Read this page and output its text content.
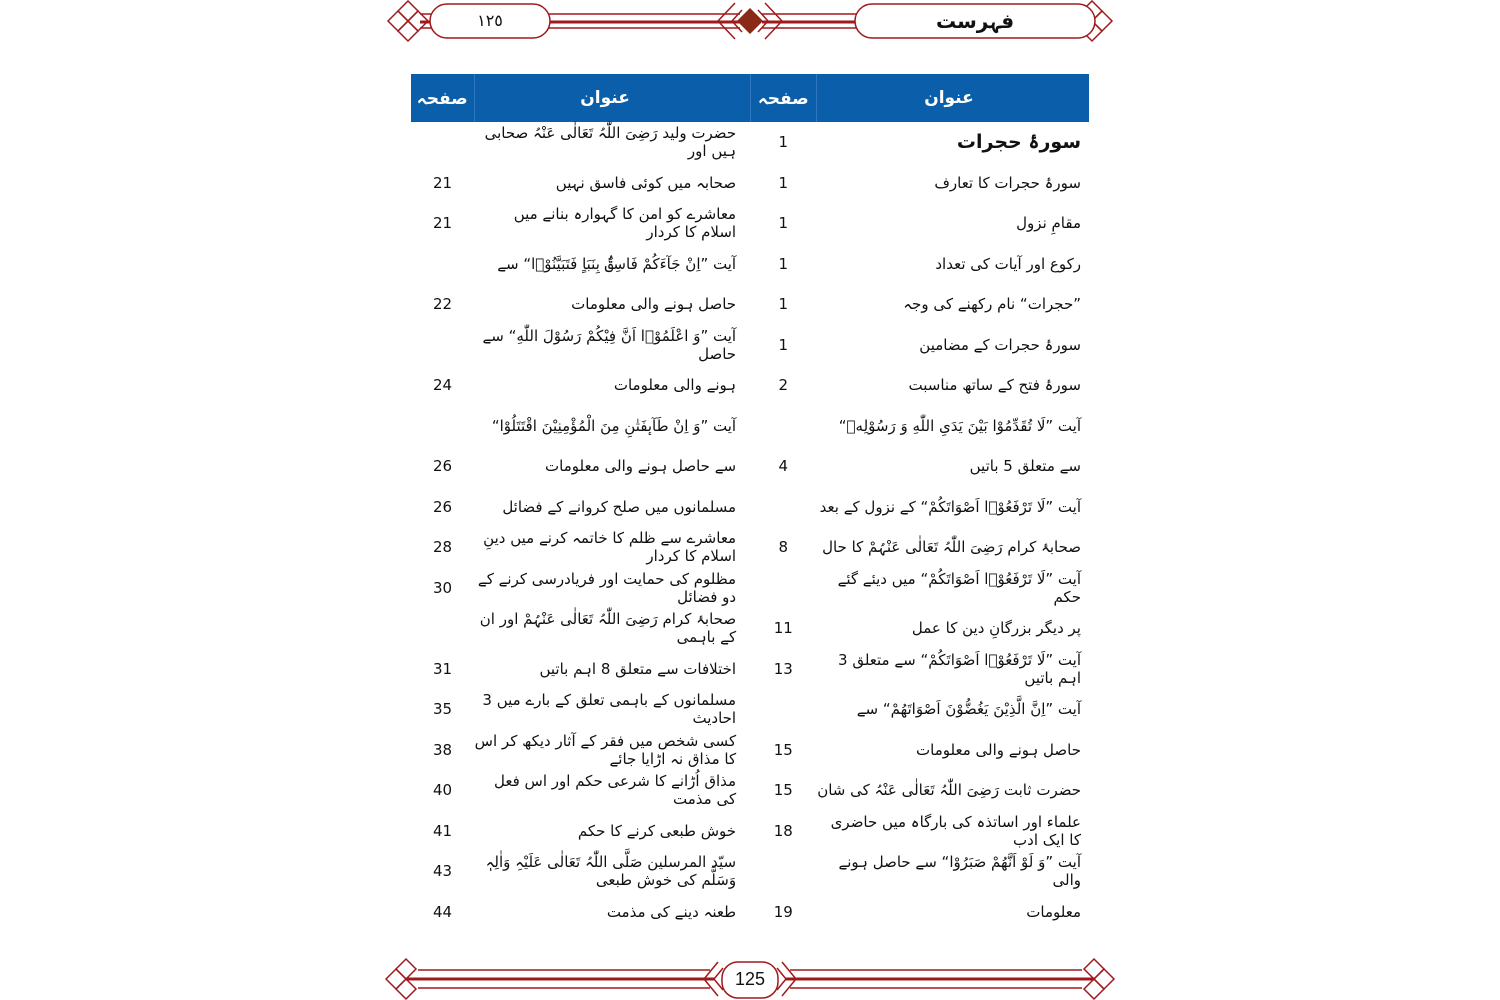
فہرست
١٢٥
عنوان	صفحہ	عنوان	صفحہ
سورۂ حجرات	1	حضرت ولید رَضِیَ اللّٰہُ تَعَالٰی عَنْہُ صحابی ہیں اور	
سورۂ حجرات کا تعارف	1	صحابہ میں کوئی فاسق نہیں	21
مقامِ نزول	1	معاشرے کو امن کا گہوارہ بنانے میں اسلام کا کردار	21
رکوع اور آیات کی تعداد	1	آیت ”اِنْ جَآءَكُمْ فَاسِقٌۢ بِنَبَاٍ فَتَبَیَّنُوْۤا“ سے	
”حجرات“ نام رکھنے کی وجہ	1	حاصل ہونے والی معلومات	22
سورۂ حجرات کے مضامین	1	آیت ”وَ اعْلَمُوْۤا اَنَّ فِیْكُمْ رَسُوْلَ اللّٰهِ“ سے حاصل	
سورۂ فتح کے ساتھ مناسبت	2	ہونے والی معلومات	24
آیت ”لَا تُقَدِّمُوْا بَیْنَ یَدَیِ اللّٰهِ وَ رَسُوْلِهٖ“		آیت ”وَ اِنْ طَآىٕفَتٰنِ مِنَ الْمُؤْمِنِیْنَ اقْتَتَلُوْا“	
سے متعلق 5 باتیں	4	سے حاصل ہونے والی معلومات	26
آیت ”لَا تَرْفَعُوْۤا اَصْوَاتَكُمْ“ کے نزول کے بعد		مسلمانوں میں صلح کروانے کے فضائل	26
صحابۂ کرام رَضِیَ اللّٰہُ تَعَالٰی عَنْہُمْ کا حال	8	معاشرے سے ظلم کا خاتمہ کرنے میں دینِ اسلام کا کردار	28
آیت ”لَا تَرْفَعُوْۤا اَصْوَاتَكُمْ“ میں دیئے گئے حکم		مظلوم کی حمایت اور فریادرسی کرنے کے دو فضائل	30
پر دیگر بزرگانِ دین کا عمل	11	صحابۂ کرام رَضِیَ اللّٰہُ تَعَالٰی عَنْہُمْ اور ان کے باہمی	
آیت ”لَا تَرْفَعُوْۤا اَصْوَاتَكُمْ“ سے متعلق 3 اہم باتیں	13	اختلافات سے متعلق 8 اہم باتیں	31
آیت ”اِنَّ الَّذِیْنَ یَغُضُّوْنَ اَصْوَاتَهُمْ“ سے		مسلمانوں کے باہمی تعلق کے بارے میں 3 احادیث	35
حاصل ہونے والی معلومات	15	کسی شخص میں فقر کے آثار دیکھ کر اس کا مذاق نہ اڑایا جائے	38
حضرت ثابت رَضِیَ اللّٰہُ تَعَالٰی عَنْہُ کی شان	15	مذاق اُڑانے کا شرعی حکم اور اس فعل کی مذمت	40
علماء اور اساتذہ کی بارگاہ میں حاضری کا ایک ادب	18	خوش طبعی کرنے کا حکم	41
آیت ”وَ لَوْ اَنَّهُمْ صَبَرُوْا“ سے حاصل ہونے والی		سیّد المرسلین صَلَّی اللّٰہُ تَعَالٰی عَلَیْہِ وَاٰلِہٖ وَسَلَّم کی خوش طبعی	43
معلومات	19	طعنہ دینے کی مذمت	44
125
